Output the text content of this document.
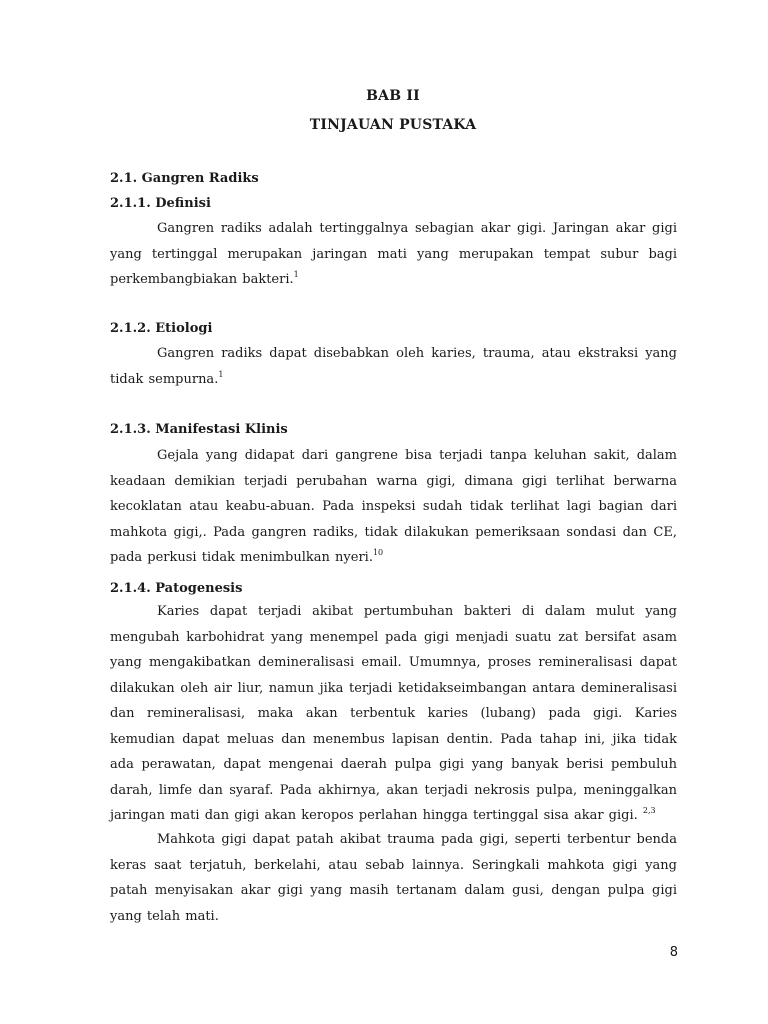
BAB II
TINJAUAN PUSTAKA
2.1. Gangren Radiks
2.1.1. Definisi
Gangren radiks adalah tertinggalnya sebagian akar gigi. Jaringan akar gigi yang tertinggal merupakan jaringan mati yang merupakan tempat subur bagi perkembangbiakan bakteri.$^1$
2.1.2. Etiologi
Gangren radiks dapat disebabkan oleh karies, trauma, atau ekstraksi yang tidak sempurna.$^1$
2.1.3. Manifestasi Klinis
Gejala yang didapat dari gangrene bisa terjadi tanpa keluhan sakit, dalam keadaan demikian terjadi perubahan warna gigi, dimana gigi terlihat berwarna kecoklatan atau keabu-abuan. Pada inspeksi sudah tidak terlihat lagi bagian dari mahkota gigi,. Pada gangren radiks, tidak dilakukan pemeriksaan sondasi dan CE, pada perkusi tidak menimbulkan nyeri.$^{10}$
2.1.4. Patogenesis
Karies dapat terjadi akibat pertumbuhan bakteri di dalam mulut yang mengubah karbohidrat yang menempel pada gigi menjadi suatu zat bersifat asam yang mengakibatkan demineralisasi email. Umumnya, proses remineralisasi dapat dilakukan oleh air liur, namun jika terjadi ketidakseimbangan antara demineralisasi dan remineralisasi, maka akan terbentuk karies (lubang) pada gigi. Karies kemudian dapat meluas dan menembus lapisan dentin. Pada tahap ini, jika tidak ada perawatan, dapat mengenai daerah pulpa gigi yang banyak berisi pembuluh darah, limfe dan syaraf. Pada akhirnya, akan terjadi nekrosis pulpa, meninggalkan jaringan mati dan gigi akan keropos perlahan hingga tertinggal sisa akar gigi. $^{2,3}$
Mahkota gigi dapat patah akibat trauma pada gigi, seperti terbentur benda keras saat terjatuh, berkelahi, atau sebab lainnya. Seringkali mahkota gigi yang patah menyisakan akar gigi yang masih tertanam dalam gusi, dengan pulpa gigi yang telah mati.
8
